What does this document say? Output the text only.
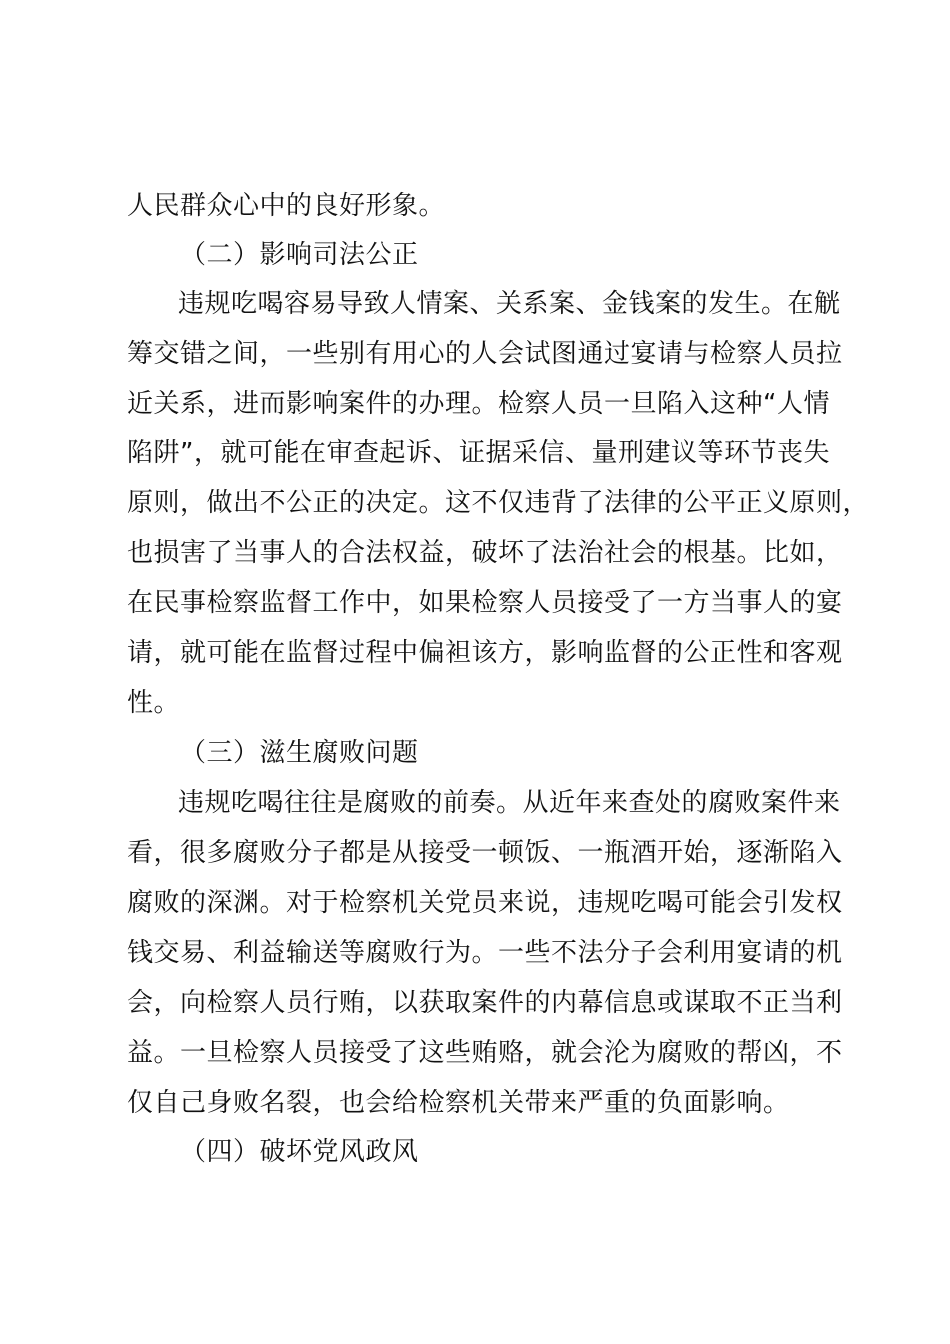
人民群众心中的良好形象。
（二）影响司法公正
违规吃喝容易导致人情案、关系案、金钱案的发生。在觥
筹交错之间，一些别有用心的人会试图通过宴请与检察人员拉
近关系，进而影响案件的办理。检察人员一旦陷入这种“人情
陷阱”，就可能在审查起诉、证据采信、量刑建议等环节丧失
原则，做出不公正的决定。这不仅违背了法律的公平正义原则，
也损害了当事人的合法权益，破坏了法治社会的根基。比如，
在民事检察监督工作中，如果检察人员接受了一方当事人的宴
请，就可能在监督过程中偏袒该方，影响监督的公正性和客观
性。
（三）滋生腐败问题
违规吃喝往往是腐败的前奏。从近年来查处的腐败案件来
看，很多腐败分子都是从接受一顿饭、一瓶酒开始，逐渐陷入
腐败的深渊。对于检察机关党员来说，违规吃喝可能会引发权
钱交易、利益输送等腐败行为。一些不法分子会利用宴请的机
会，向检察人员行贿，以获取案件的内幕信息或谋取不正当利
益。一旦检察人员接受了这些贿赂，就会沦为腐败的帮凶，不
仅自己身败名裂，也会给检察机关带来严重的负面影响。
（四）破坏党风政风
